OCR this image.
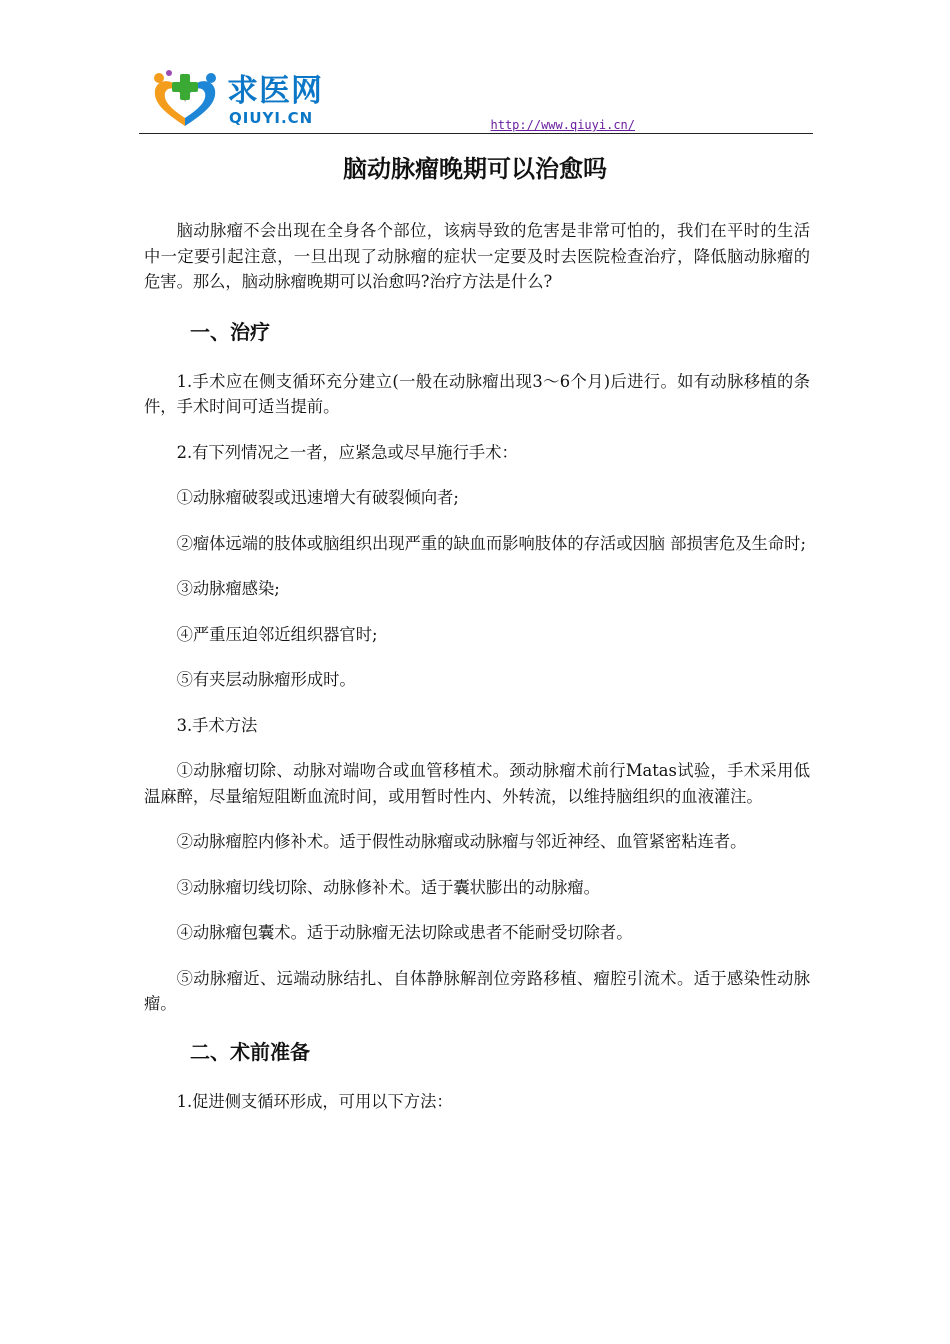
求医网
QIUYI.CN	http://www.qiuyi.cn/
脑动脉瘤晚期可以治愈吗

脑动脉瘤不会出现在全身各个部位，该病导致的危害是非常可怕的，我们在平时的生活中一定要引起注意，一旦出现了动脉瘤的症状一定要及时去医院检查治疗，降低脑动脉瘤的危害。那么，脑动脉瘤晚期可以治愈吗?治疗方法是什么?

一、治疗

1.手术应在侧支循环充分建立(一般在动脉瘤出现3～6个月)后进行。如有动脉移植的条件，手术时间可适当提前。

2.有下列情况之一者，应紧急或尽早施行手术：

①动脉瘤破裂或迅速增大有破裂倾向者;

②瘤体远端的肢体或脑组织出现严重的缺血而影响肢体的存活或因脑 部损害危及生命时;

③动脉瘤感染;

④严重压迫邻近组织器官时;

⑤有夹层动脉瘤形成时。

3.手术方法

①动脉瘤切除、动脉对端吻合或血管移植术。颈动脉瘤术前行Matas试验，手术采用低温麻醉，尽量缩短阻断血流时间，或用暂时性内、外转流，以维持脑组织的血液灌注。

②动脉瘤腔内修补术。适于假性动脉瘤或动脉瘤与邻近神经、血管紧密粘连者。

③动脉瘤切线切除、动脉修补术。适于囊状膨出的动脉瘤。

④动脉瘤包囊术。适于动脉瘤无法切除或患者不能耐受切除者。

⑤动脉瘤近、远端动脉结扎、自体静脉解剖位旁路移植、瘤腔引流术。适于感染性动脉瘤。

二、术前准备

1.促进侧支循环形成，可用以下方法：
